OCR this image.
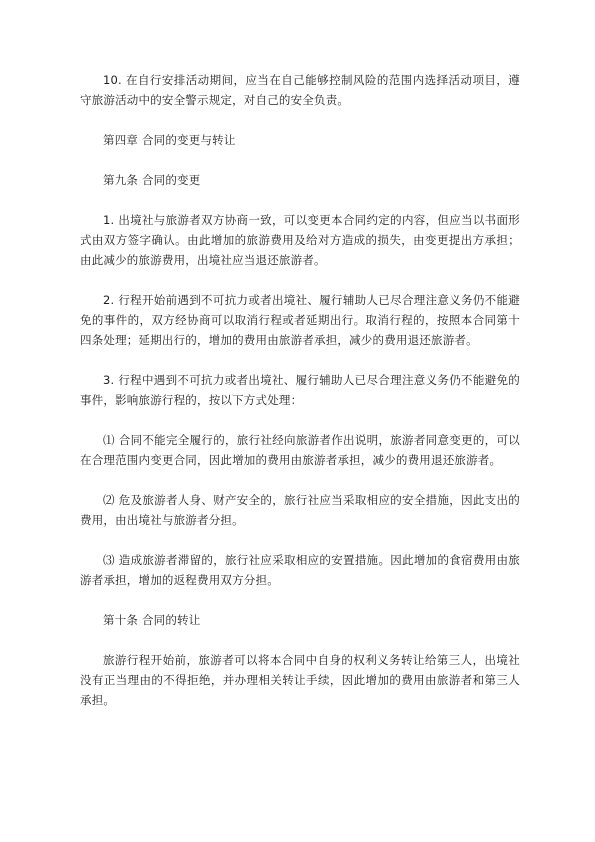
10. 在自行安排活动期间，应当在自己能够控制风险的范围内选择活动项目，遵守旅游活动中的安全警示规定，对自己的安全负责。

第四章 合同的变更与转让

第九条 合同的变更

1. 出境社与旅游者双方协商一致，可以变更本合同约定的内容，但应当以书面形式由双方签字确认。由此增加的旅游费用及给对方造成的损失，由变更提出方承担；由此减少的旅游费用，出境社应当退还旅游者。

2. 行程开始前遇到不可抗力或者出境社、履行辅助人已尽合理注意义务仍不能避免的事件的，双方经协商可以取消行程或者延期出行。取消行程的，按照本合同第十四条处理；延期出行的，增加的费用由旅游者承担，减少的费用退还旅游者。

3. 行程中遇到不可抗力或者出境社、履行辅助人已尽合理注意义务仍不能避免的事件，影响旅游行程的，按以下方式处理：

⑴ 合同不能完全履行的，旅行社经向旅游者作出说明，旅游者同意变更的，可以在合理范围内变更合同，因此增加的费用由旅游者承担，减少的费用退还旅游者。

⑵ 危及旅游者人身、财产安全的，旅行社应当采取相应的安全措施，因此支出的费用，由出境社与旅游者分担。

⑶ 造成旅游者滞留的，旅行社应采取相应的安置措施。因此增加的食宿费用由旅游者承担，增加的返程费用双方分担。

第十条 合同的转让

旅游行程开始前，旅游者可以将本合同中自身的权利义务转让给第三人，出境社没有正当理由的不得拒绝，并办理相关转让手续，因此增加的费用由旅游者和第三人承担。
